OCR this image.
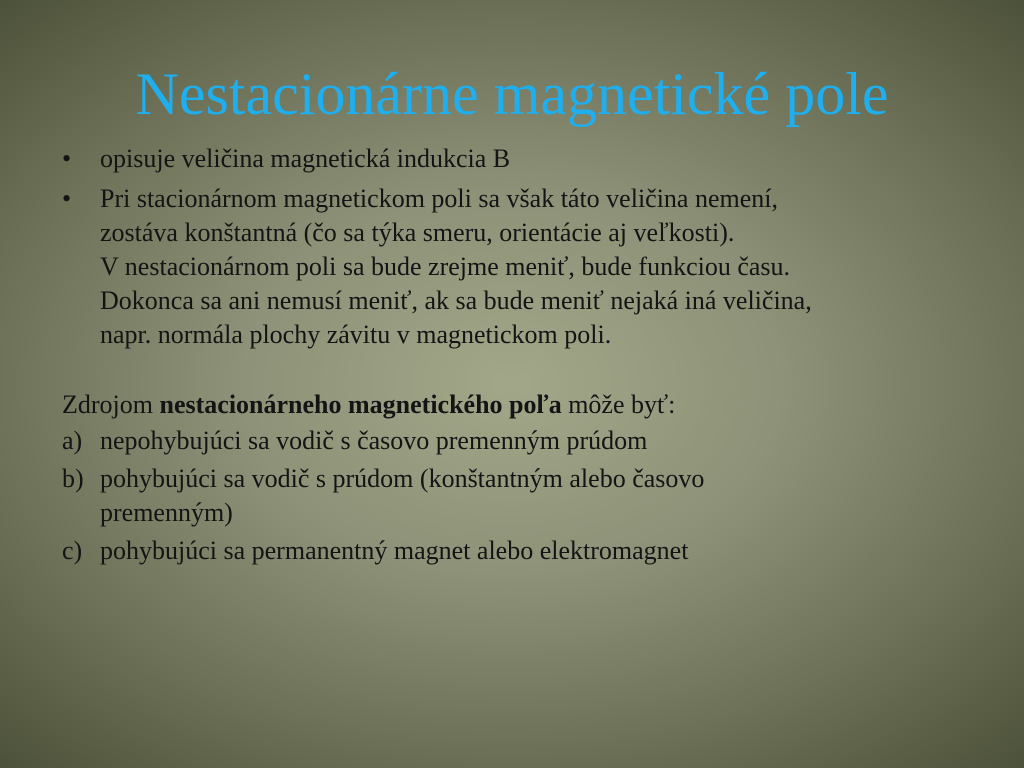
Nestacionárne magnetické pole
•	opisuje veličina magnetická indukcia B
•	Pri stacionárnom magnetickom poli sa však táto veličina nemení,
zostáva konštantná (čo sa týka smeru, orientácie aj veľkosti).
V nestacionárnom poli sa bude zrejme meniť, bude funkciou času.
Dokonca sa ani nemusí meniť, ak sa bude meniť nejaká iná veličina,
napr. normála plochy závitu v magnetickom poli.

Zdrojom nestacionárneho magnetického poľa môže byť:

a) nepohybujúci sa vodič s časovo premenným prúdom
b) pohybujúci sa vodič s prúdom (konštantným alebo časovo
premenným)
c) pohybujúci sa permanentný magnet alebo elektromagnet
